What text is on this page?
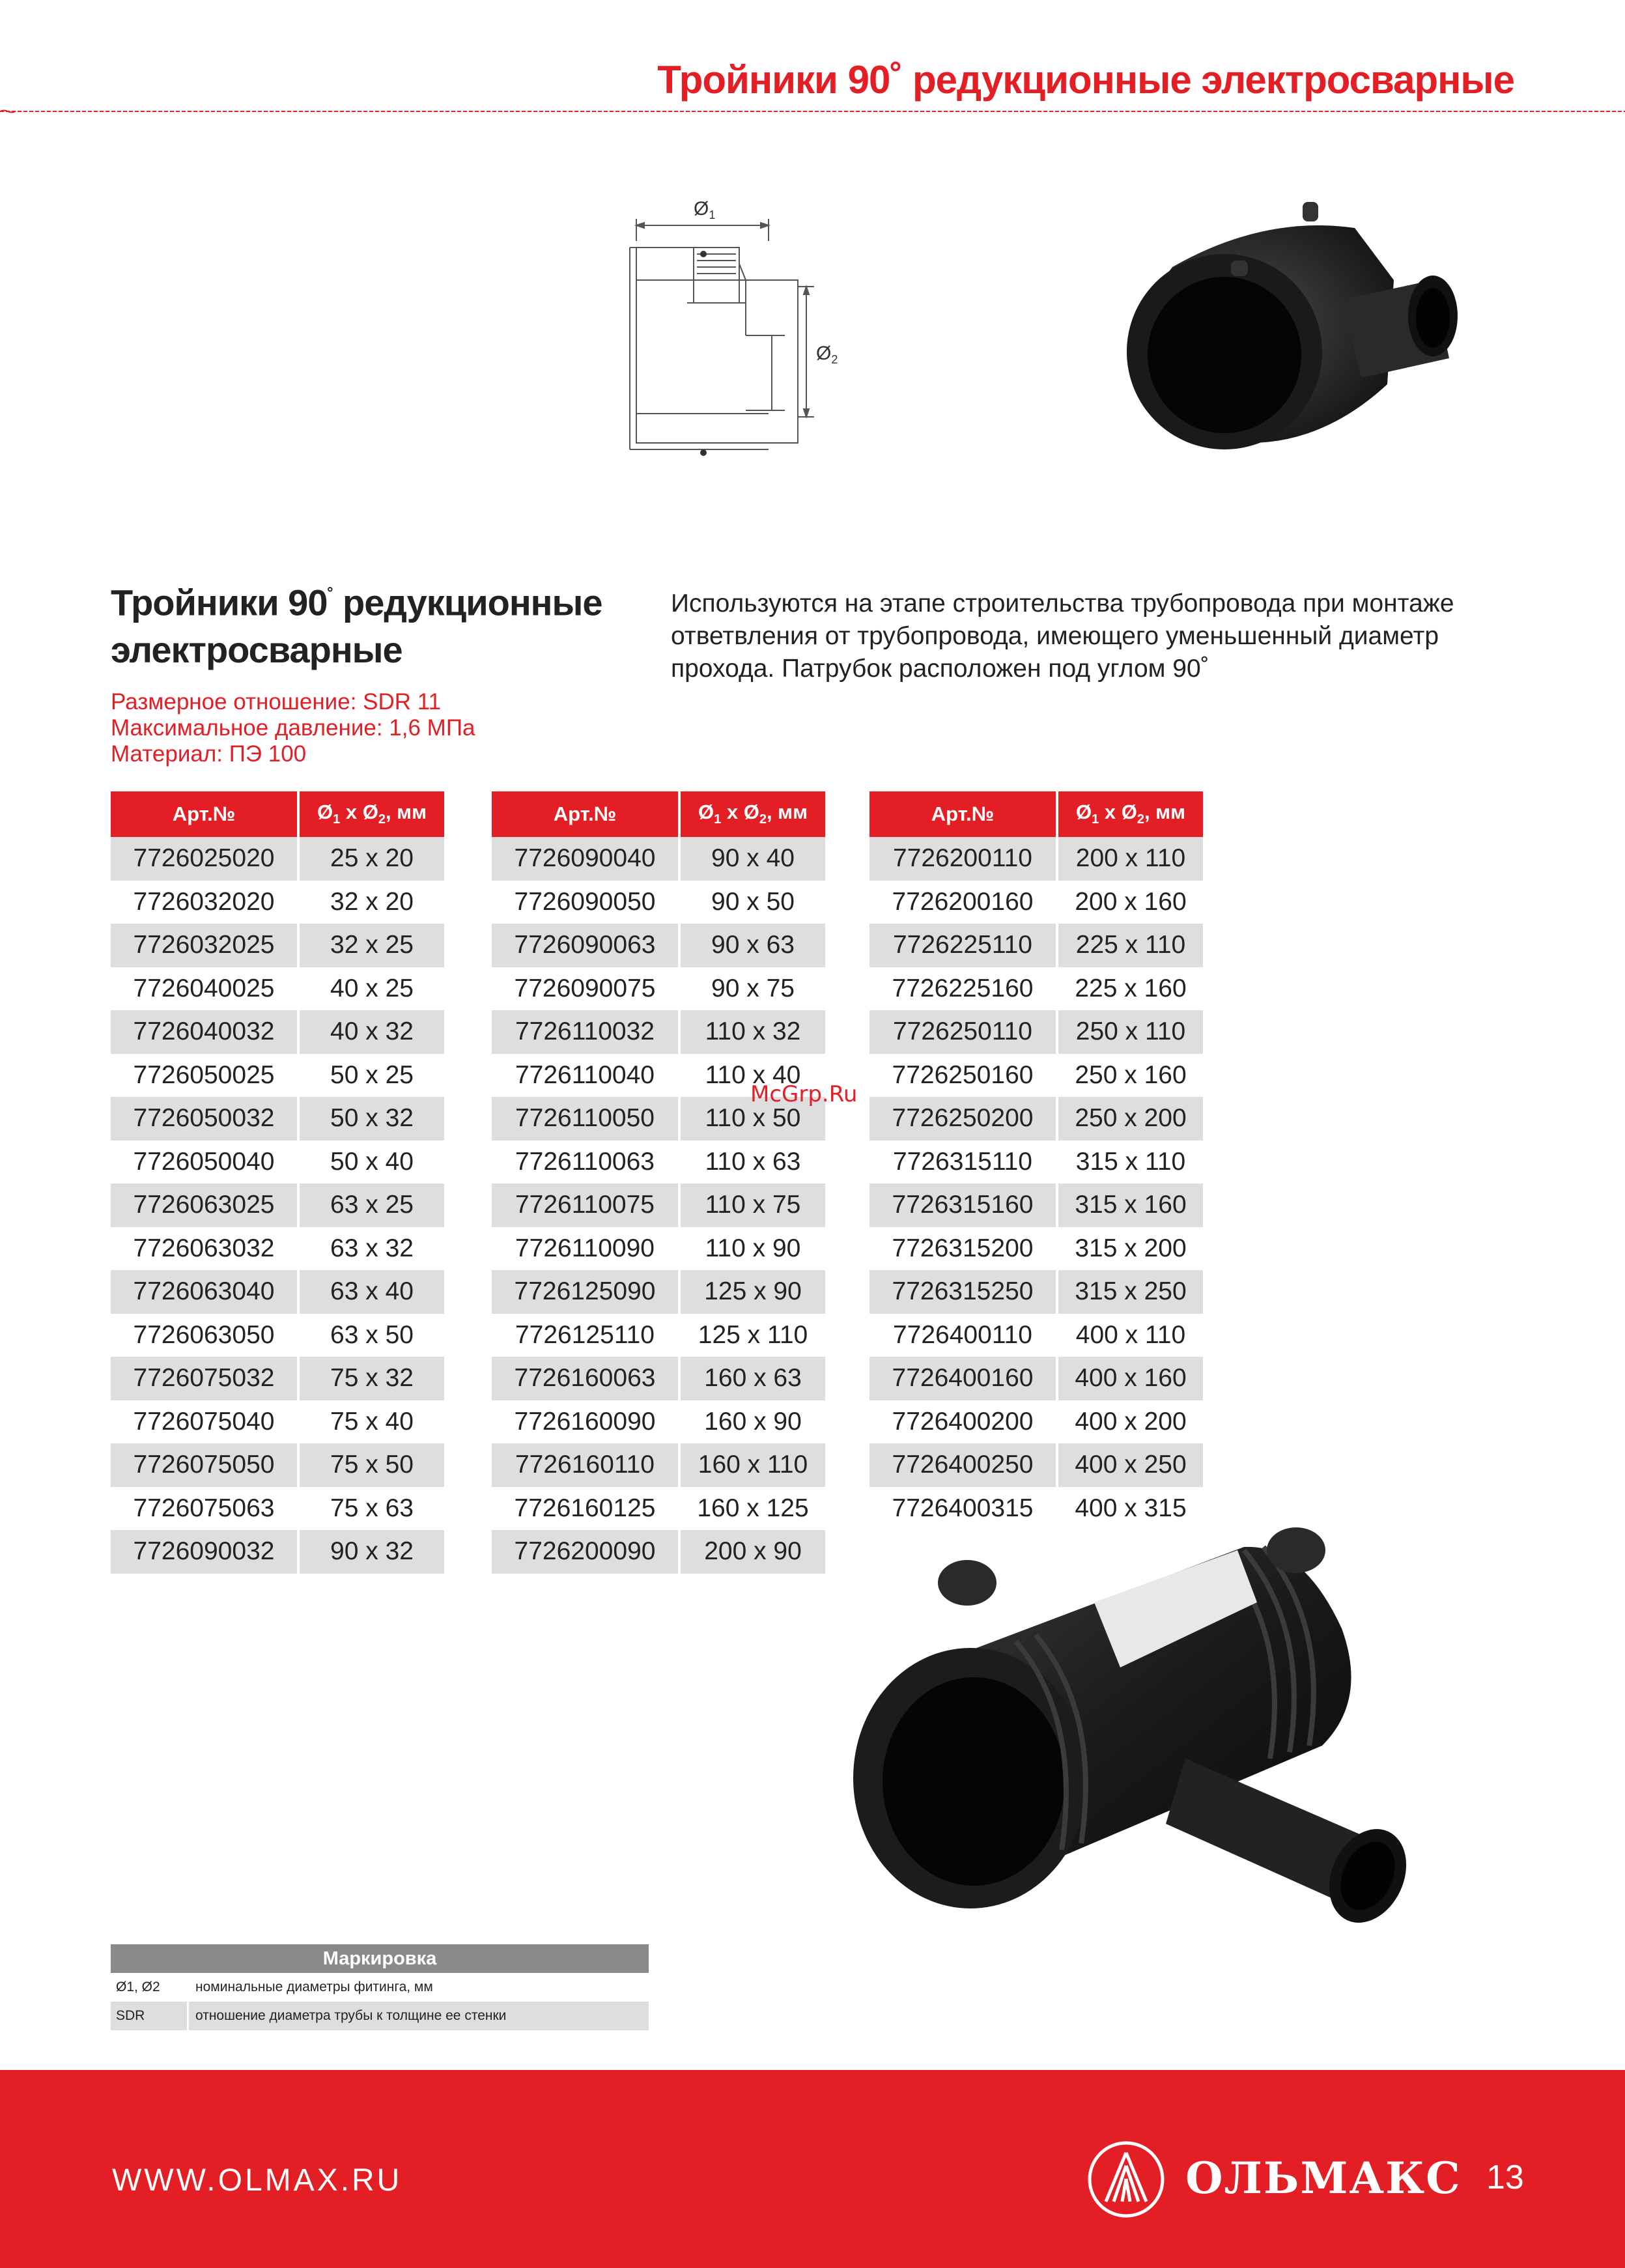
Тройники 90˚ редукционные электросварные
$Ø_1$
$Ø_2$
Тройники 90˚ редукционные
электросварные
Размерное отношение: SDR 11
Максимальное давление: 1,6 МПа
Материал: ПЭ 100
Используются на этапе строительства трубопровода при монтаже
ответвления от трубопровода, имеющего уменьшенный диаметр
прохода. Патрубок расположен под углом 90˚
Арт.№	$Ø_1$ x $Ø_2$, мм
7726025020	25 x 20
7726032020	32 x 20
7726032025	32 x 25
7726040025	40 x 25
7726040032	40 x 32
7726050025	50 x 25
7726050032	50 x 32
7726050040	50 x 40
7726063025	63 x 25
7726063032	63 x 32
7726063040	63 x 40
7726063050	63 x 50
7726075032	75 x 32
7726075040	75 x 40
7726075050	75 x 50
7726075063	75 x 63
7726090032	90 x 32
Арт.№	$Ø_1$ x $Ø_2$, мм
7726090040	90 x 40
7726090050	90 x 50
7726090063	90 x 63
7726090075	90 x 75
7726110032	110 x 32
7726110040	110 x 40
7726110050	110 x 50
7726110063	110 x 63
7726110075	110 x 75
7726110090	110 x 90
7726125090	125 x 90
7726125110	125 x 110
7726160063	160 x 63
7726160090	160 x 90
7726160110	160 x 110
7726160125	160 x 125
7726200090	200 x 90
Арт.№	$Ø_1$ x $Ø_2$, мм
7726200110	200 x 110
7726200160	200 x 160
7726225110	225 x 110
7726225160	225 x 160
7726250110	250 x 110
7726250160	250 x 160
7726250200	250 x 200
7726315110	315 x 110
7726315160	315 x 160
7726315200	315 x 200
7726315250	315 x 250
7726400110	400 x 110
7726400160	400 x 160
7726400200	400 x 200
7726400250	400 x 250
7726400315	400 x 315
McGrp.Ru
Маркировка
Ø1, Ø2	номинальные диаметры фитинга, мм
SDR	отношение диаметра трубы к толщине ее стенки
WWW.OLMAX.RU	ОЛЬМАКС 13
